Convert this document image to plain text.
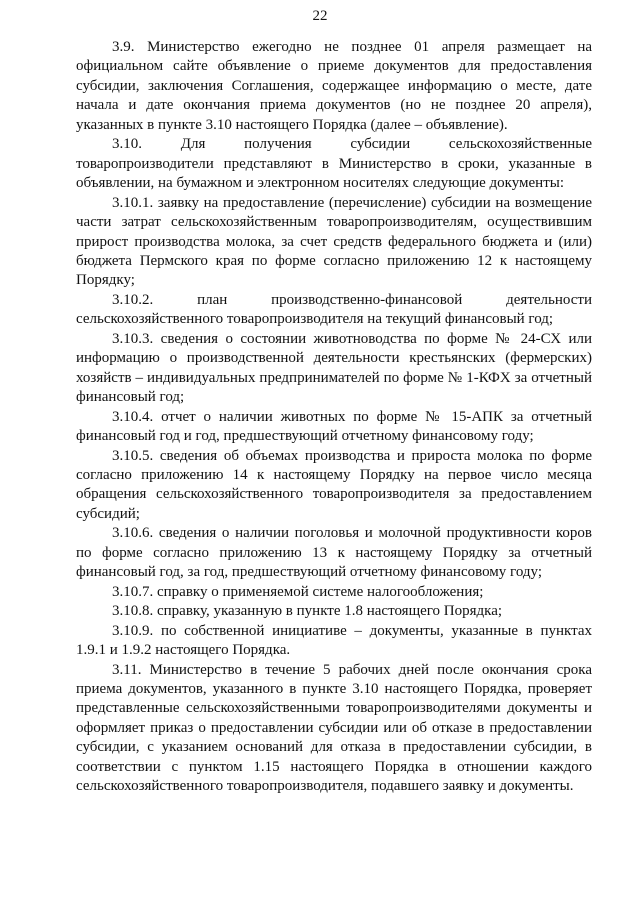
22

3.9. Министерство ежегодно не позднее 01 апреля размещает на официальном сайте объявление о приеме документов для предоставления субсидии, заключения Соглашения, содержащее информацию о месте, дате начала и дате окончания приема документов (но не позднее 20 апреля), указанных в пункте 3.10 настоящего Порядка (далее – объявление).

3.10. Для получения субсидии сельскохозяйственные товаропроизводители представляют в Министерство в сроки, указанные в объявлении, на бумажном и электронном носителях следующие документы:

3.10.1. заявку на предоставление (перечисление) субсидии на возмещение части затрат сельскохозяйственным товаропроизводителям, осуществившим прирост производства молока, за счет средств федерального бюджета и (или) бюджета Пермского края по форме согласно приложению 12 к настоящему Порядку;

3.10.2. план производственно-финансовой деятельности сельскохозяйственного товаропроизводителя на текущий финансовый год;

3.10.3. сведения о состоянии животноводства по форме № 24-СХ или информацию о производственной деятельности крестьянских (фермерских) хозяйств – индивидуальных предпринимателей по форме № 1-КФХ за отчетный финансовый год;

3.10.4. отчет о наличии животных по форме № 15-АПК за отчетный финансовый год и год, предшествующий отчетному финансовому году;

3.10.5. сведения об объемах производства и прироста молока по форме согласно приложению 14 к настоящему Порядку на первое число месяца обращения сельскохозяйственного товаропроизводителя за предоставлением субсидий;

3.10.6. сведения о наличии поголовья и молочной продуктивности коров по форме согласно приложению 13 к настоящему Порядку за отчетный финансовый год, за год, предшествующий отчетному финансовому году;

3.10.7. справку о применяемой системе налогообложения;

3.10.8. справку, указанную в пункте 1.8 настоящего Порядка;

3.10.9. по собственной инициативе – документы, указанные в пунктах 1.9.1 и 1.9.2 настоящего Порядка.

3.11. Министерство в течение 5 рабочих дней после окончания срока приема документов, указанного в пункте 3.10 настоящего Порядка, проверяет представленные сельскохозяйственными товаропроизводителями документы и оформляет приказ о предоставлении субсидии или об отказе в предоставлении субсидии, с указанием оснований для отказа в предоставлении субсидии, в соответствии с пунктом 1.15 настоящего Порядка в отношении каждого сельскохозяйственного товаропроизводителя, подавшего заявку и документы.
